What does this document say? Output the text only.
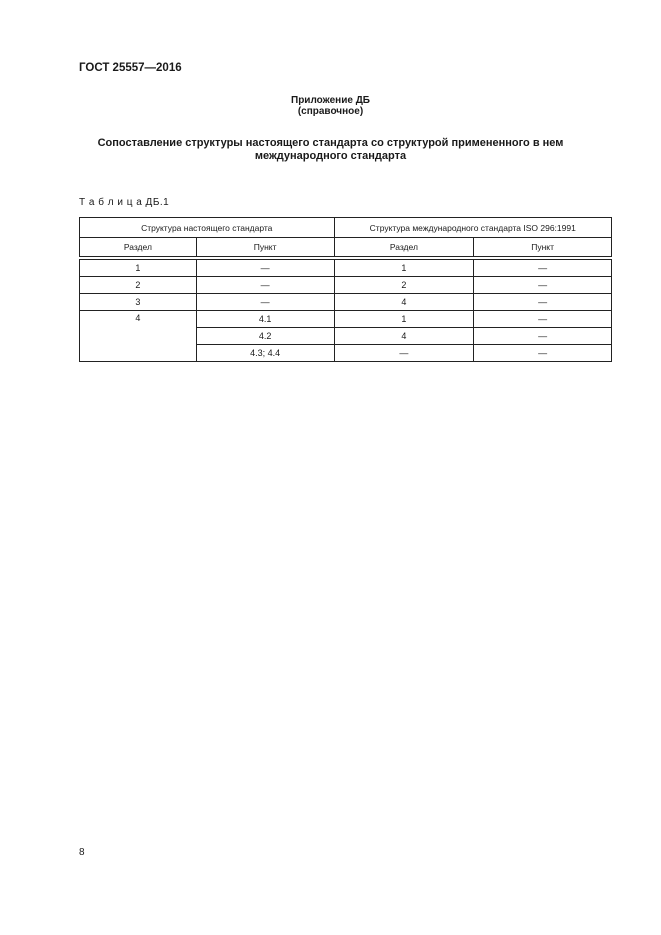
ГОСТ 25557—2016
Приложение ДБ
(справочное)
Сопоставление структуры настоящего стандарта со структурой примененного в нем международного стандарта
Т а б л и ц а ДБ.1
Структура настоящего стандарта		Структура международного стандарта ISO 296:1991	
Раздел	Пункт	Раздел	Пункт

1	—	1	—
2	—	2	—
3	—	4	—
4	4.1	1	—
	4.2	4	—
	4.3; 4.4	—	—
8
